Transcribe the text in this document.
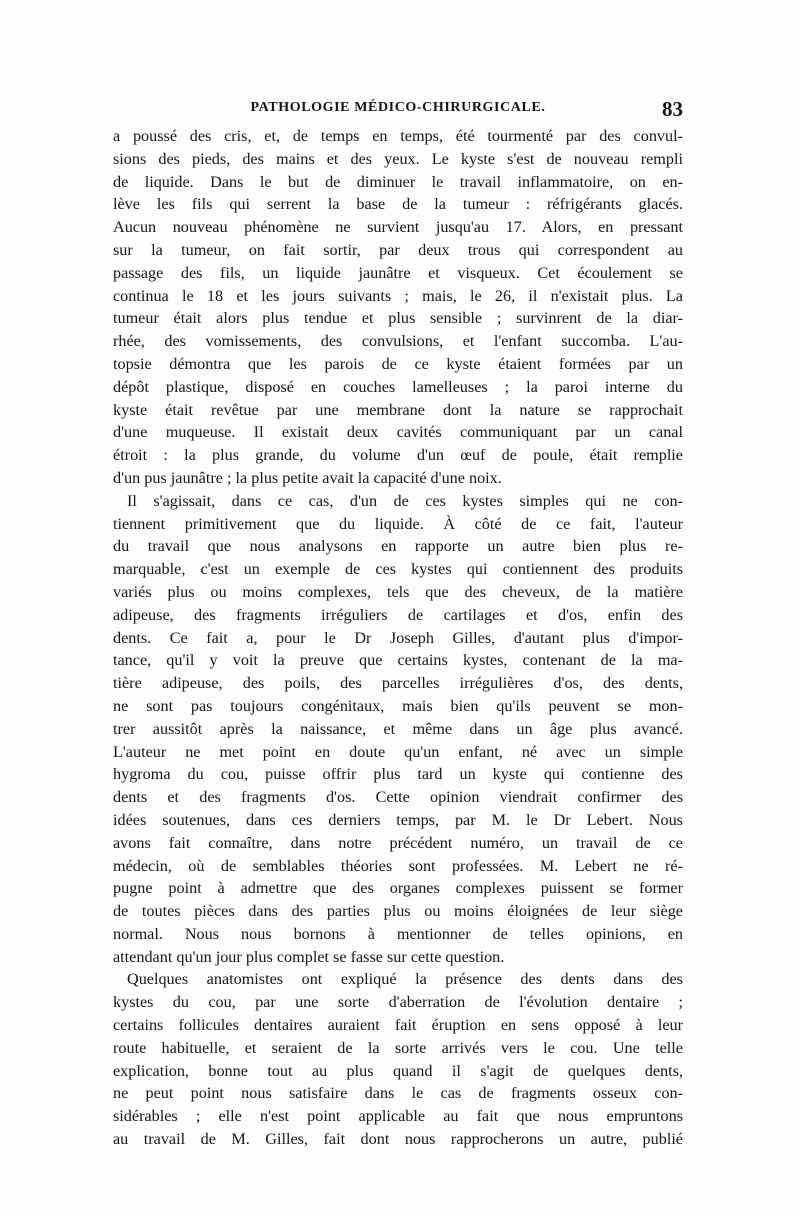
PATHOLOGIE MÉDICO-CHIRURGICALE.	83
a poussé des cris, et, de temps en temps, été tourmenté par des convul-
sions des pieds, des mains et des yeux. Le kyste s'est de nouveau rempli
de liquide. Dans le but de diminuer le travail inflammatoire, on en-
lève les fils qui serrent la base de la tumeur : réfrigérants glacés.
Aucun nouveau phénomène ne survient jusqu'au 17. Alors, en pressant
sur la tumeur, on fait sortir, par deux trous qui correspondent au
passage des fils, un liquide jaunâtre et visqueux. Cet écoulement se
continua le 18 et les jours suivants ; mais, le 26, il n'existait plus. La
tumeur était alors plus tendue et plus sensible ; survinrent de la diar-
rhée, des vomissements, des convulsions, et l'enfant succomba. L'au-
topsie démontra que les parois de ce kyste étaient formées par un
dépôt plastique, disposé en couches lamelleuses ; la paroi interne du
kyste était revêtue par une membrane dont la nature se rapprochait
d'une muqueuse. Il existait deux cavités communiquant par un canal
étroit : la plus grande, du volume d'un œuf de poule, était remplie
d'un pus jaunâtre ; la plus petite avait la capacité d'une noix.
Il s'agissait, dans ce cas, d'un de ces kystes simples qui ne con-
tiennent primitivement que du liquide. À côté de ce fait, l'auteur
du travail que nous analysons en rapporte un autre bien plus re-
marquable, c'est un exemple de ces kystes qui contiennent des produits
variés plus ou moins complexes, tels que des cheveux, de la matière
adipeuse, des fragments irréguliers de cartilages et d'os, enfin des
dents. Ce fait a, pour le Dr Joseph Gilles, d'autant plus d'impor-
tance, qu'il y voit la preuve que certains kystes, contenant de la ma-
tière adipeuse, des poils, des parcelles irrégulières d'os, des dents,
ne sont pas toujours congénitaux, mais bien qu'ils peuvent se mon-
trer aussitôt après la naissance, et même dans un âge plus avancé.
L'auteur ne met point en doute qu'un enfant, né avec un simple
hygroma du cou, puisse offrir plus tard un kyste qui contienne des
dents et des fragments d'os. Cette opinion viendrait confirmer des
idées soutenues, dans ces derniers temps, par M. le Dr Lebert. Nous
avons fait connaître, dans notre précédent numéro, un travail de ce
médecin, où de semblables théories sont professées. M. Lebert ne ré-
pugne point à admettre que des organes complexes puissent se former
de toutes pièces dans des parties plus ou moins éloignées de leur siège
normal. Nous nous bornons à mentionner de telles opinions, en
attendant qu'un jour plus complet se fasse sur cette question.
Quelques anatomistes ont expliqué la présence des dents dans des
kystes du cou, par une sorte d'aberration de l'évolution dentaire ;
certains follicules dentaires auraient fait éruption en sens opposé à leur
route habituelle, et seraient de la sorte arrivés vers le cou. Une telle
explication, bonne tout au plus quand il s'agit de quelques dents,
ne peut point nous satisfaire dans le cas de fragments osseux con-
sidérables ; elle n'est point applicable au fait que nous empruntons
au travail de M. Gilles, fait dont nous rapprocherons un autre, publié
